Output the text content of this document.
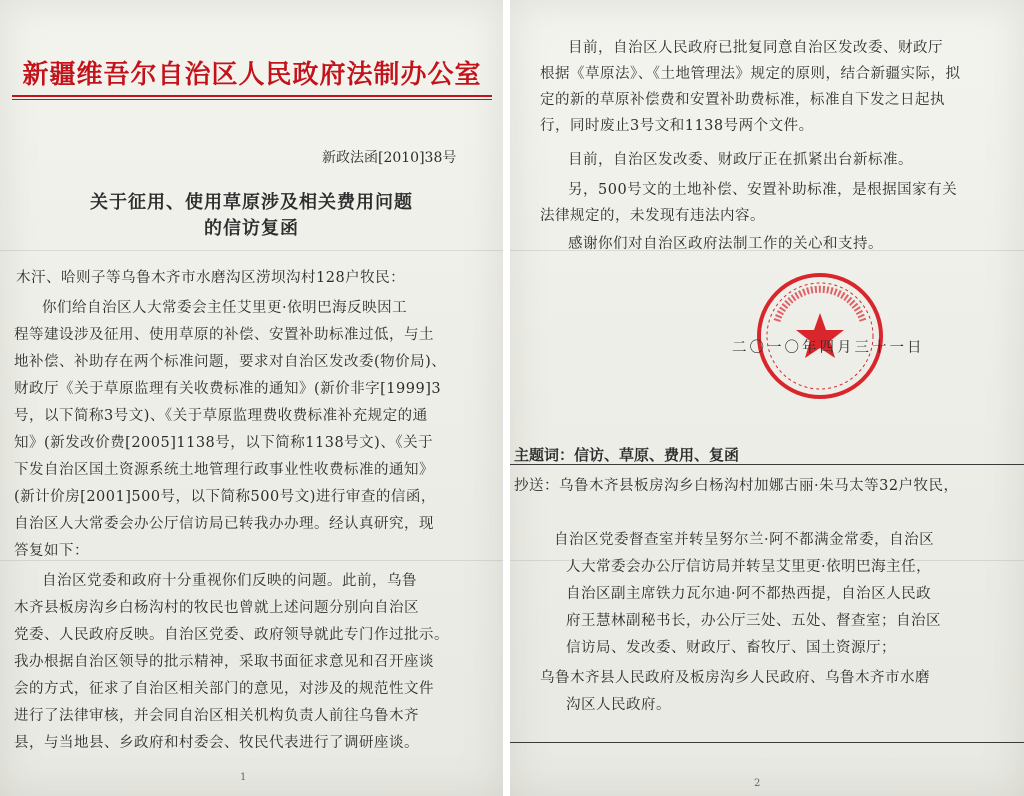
新疆维吾尔自治区人民政府法制办公室
新政法函[2010]38号
关于征用、使用草原涉及相关费用问题
的信访复函
木汗、哈则子等乌鲁木齐市水磨沟区涝坝沟村128户牧民：
你们给自治区人大常委会主任艾里更·依明巴海反映因工
程等建设涉及征用、使用草原的补偿、安置补助标准过低，与土
地补偿、补助存在两个标准问题，要求对自治区发改委(物价局)、
财政厅《关于草原监理有关收费标准的通知》(新价非字[1999]3
号，以下简称3号文)、《关于草原监理费收费标准补充规定的通
知》(新发改价费[2005]1138号，以下简称1138号文)、《关于
下发自治区国土资源系统土地管理行政事业性收费标准的通知》
(新计价房[2001]500号，以下简称500号文)进行审查的信函，
自治区人大常委会办公厅信访局已转我办办理。经认真研究，现
答复如下：
自治区党委和政府十分重视你们反映的问题。此前，乌鲁
木齐县板房沟乡白杨沟村的牧民也曾就上述问题分别向自治区
党委、人民政府反映。自治区党委、政府领导就此专门作过批示。
我办根据自治区领导的批示精神，采取书面征求意见和召开座谈
会的方式，征求了自治区相关部门的意见，对涉及的规范性文件
进行了法律审核，并会同自治区相关机构负责人前往乌鲁木齐
县，与当地县、乡政府和村委会、牧民代表进行了调研座谈。
1
目前，自治区人民政府已批复同意自治区发改委、财政厅
根据《草原法》、《土地管理法》规定的原则，结合新疆实际，拟
定的新的草原补偿费和安置补助费标准，标准自下发之日起执
行，同时废止3号文和1138号两个文件。
目前，自治区发改委、财政厅正在抓紧出台新标准。
另，500号文的土地补偿、安置补助标准，是根据国家有关
法律规定的，未发现有违法内容。
感谢你们对自治区政府法制工作的关心和支持。
二〇一〇年四月三十一日
主题词：信访、草原、费用、复函
抄送：乌鲁木齐县板房沟乡白杨沟村加娜古丽·朱马太等32户牧民，
自治区党委督查室并转呈努尔兰·阿不都满金常委，自治区
人大常委会办公厅信访局并转呈艾里更·依明巴海主任，
自治区副主席铁力瓦尔迪·阿不都热西提，自治区人民政
府王慧林副秘书长，办公厅三处、五处、督查室；自治区
信访局、发改委、财政厅、畜牧厅、国土资源厅；
乌鲁木齐县人民政府及板房沟乡人民政府、乌鲁木齐市水磨
沟区人民政府。
2
